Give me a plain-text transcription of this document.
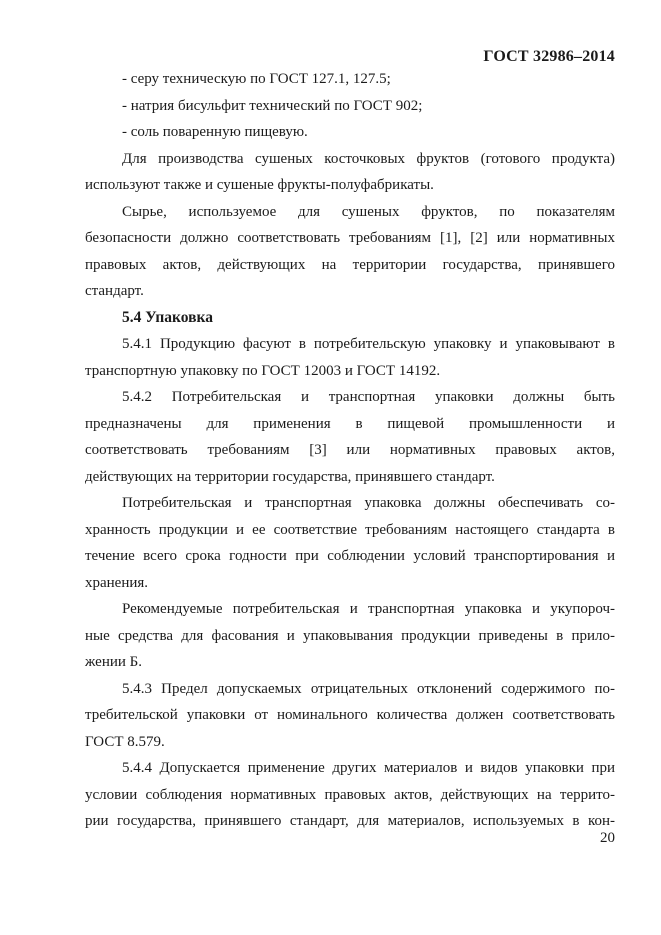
ГОСТ 32986–2014
- серу техническую по ГОСТ 127.1, 127.5;
- натрия бисульфит технический по ГОСТ 902;
- соль поваренную пищевую.
Для производства сушеных косточковых фруктов (готового продукта)
используют также и сушеные фрукты-полуфабрикаты.
Сырье, используемое для сушеных фруктов, по показателям
безопасности должно соответствовать требованиям [1], [2] или нормативных
правовых актов, действующих на территории государства, принявшего
стандарт.
5.4 Упаковка
5.4.1 Продукцию фасуют в потребительскую упаковку и упаковывают в
транспортную упаковку по ГОСТ 12003 и ГОСТ 14192.
5.4.2 Потребительская и транспортная упаковки должны быть
предназначены для применения в пищевой промышленности и
соответствовать требованиям [3] или нормативных правовых актов,
действующих на территории государства, принявшего стандарт.
Потребительская и транспортная упаковка должны обеспечивать со-
хранность продукции и ее соответствие требованиям настоящего стандарта в
течение всего срока годности при соблюдении условий транспортирования и
хранения.
Рекомендуемые потребительская и транспортная упаковка и укупороч-
ные средства для фасования и упаковывания продукции приведены в прило-
жении Б.
5.4.3 Предел допускаемых отрицательных отклонений содержимого по-
требительской упаковки от номинального количества должен соответствовать
ГОСТ 8.579.
5.4.4 Допускается применение других материалов и видов упаковки при
условии соблюдения нормативных правовых актов, действующих на террито-
рии государства, принявшего стандарт, для материалов, используемых в кон-
20
